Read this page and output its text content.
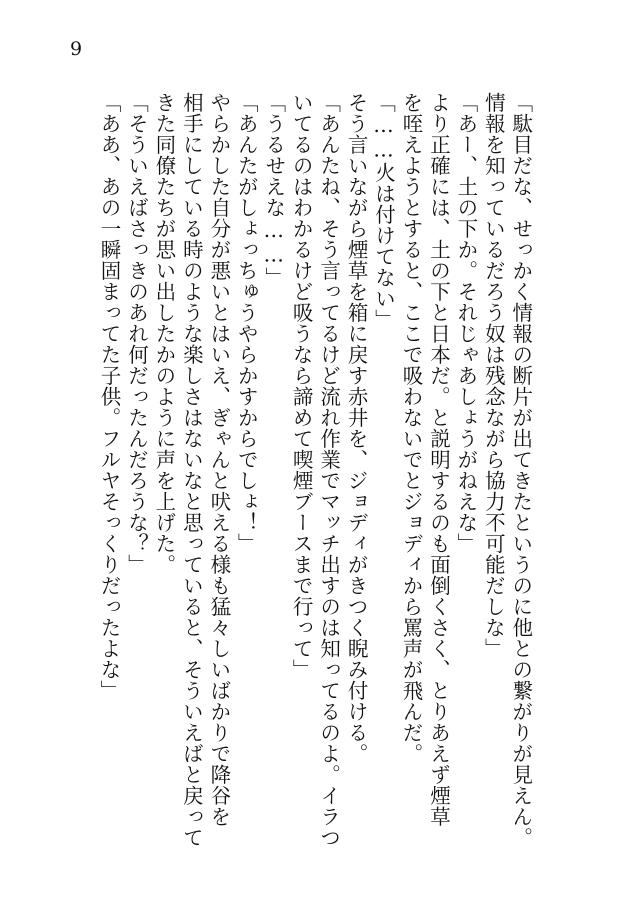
9
「駄目だな、せっかく情報の断片が出てきたというのに他との繋がりが見えん。
情報を知っているだろう奴は残念ながら協力不可能だしな」
「あー、土の下か。それじゃあしょうがねえな」
より正確には、土の下と日本だ。と説明するのも面倒くさく、とりあえず煙草
を咥えようとすると、ここで吸わないでとジョディから罵声が飛んだ。
「……火は付けてない」
そう言いながら煙草を箱に戻す赤井を、ジョディがきつく睨み付ける。
「あんたね、そう言ってるけど流れ作業でマッチ出すのは知ってるのよ。イラつ
いてるのはわかるけど吸うなら諦めて喫煙ブースまで行って」
「うるせえな……」
「あんたがしょっちゅうやらかすからでしょ！」
やらかした自分が悪いとはいえ、ぎゃんと吠える様も猛々しいばかりで降谷を
相手にしている時のような楽しさはないなと思っていると、そういえばと戻って
きた同僚たちが思い出したかのように声を上げた。
「そういえばさっきのあれ何だったんだろうな？」
「ああ、あの一瞬固まってた子供。フルヤそっくりだったよな」
